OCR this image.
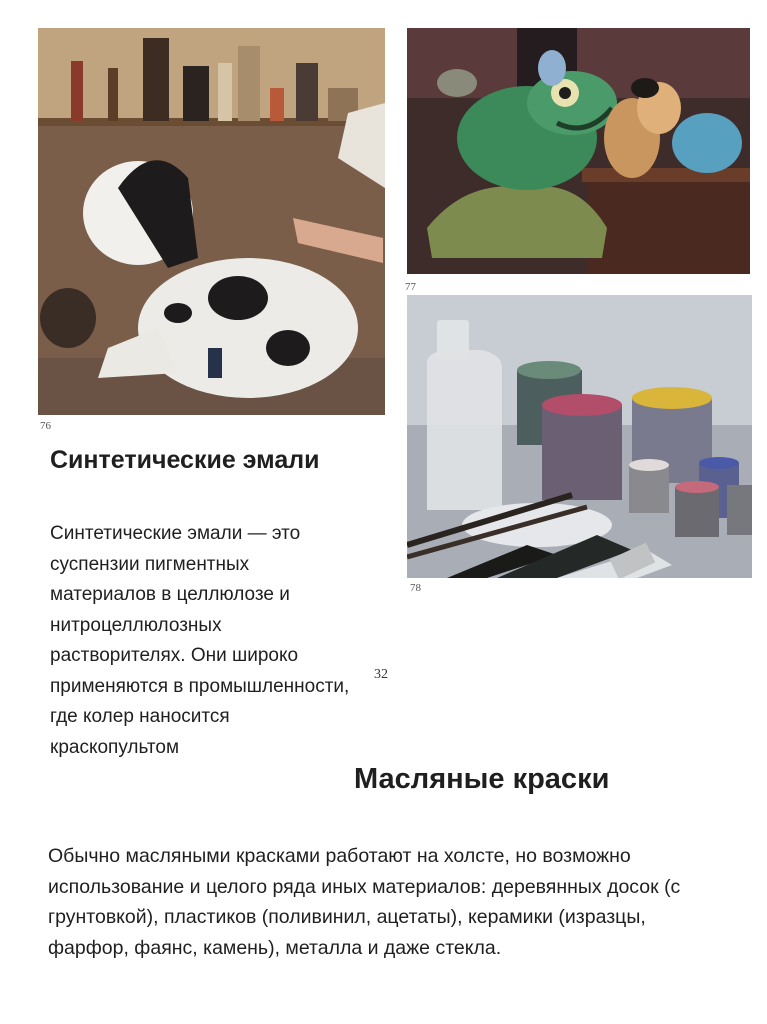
76
77
78
Синтетические эмали

Синтетические эмали — это суспензии пигментных материалов в целлюлозе и нитроцеллюлозных растворителях. Они широко применяются в промышленности, где колер наносится краскопультом

32
Масляные краски

Обычно масляными красками работают на холсте, но возможно использование и целого ряда иных материалов: деревянных досок (с грунтовкой), пластиков (поливинил, ацетаты), керамики (изразцы, фарфор, фаянс, камень), металла и даже стекла.
